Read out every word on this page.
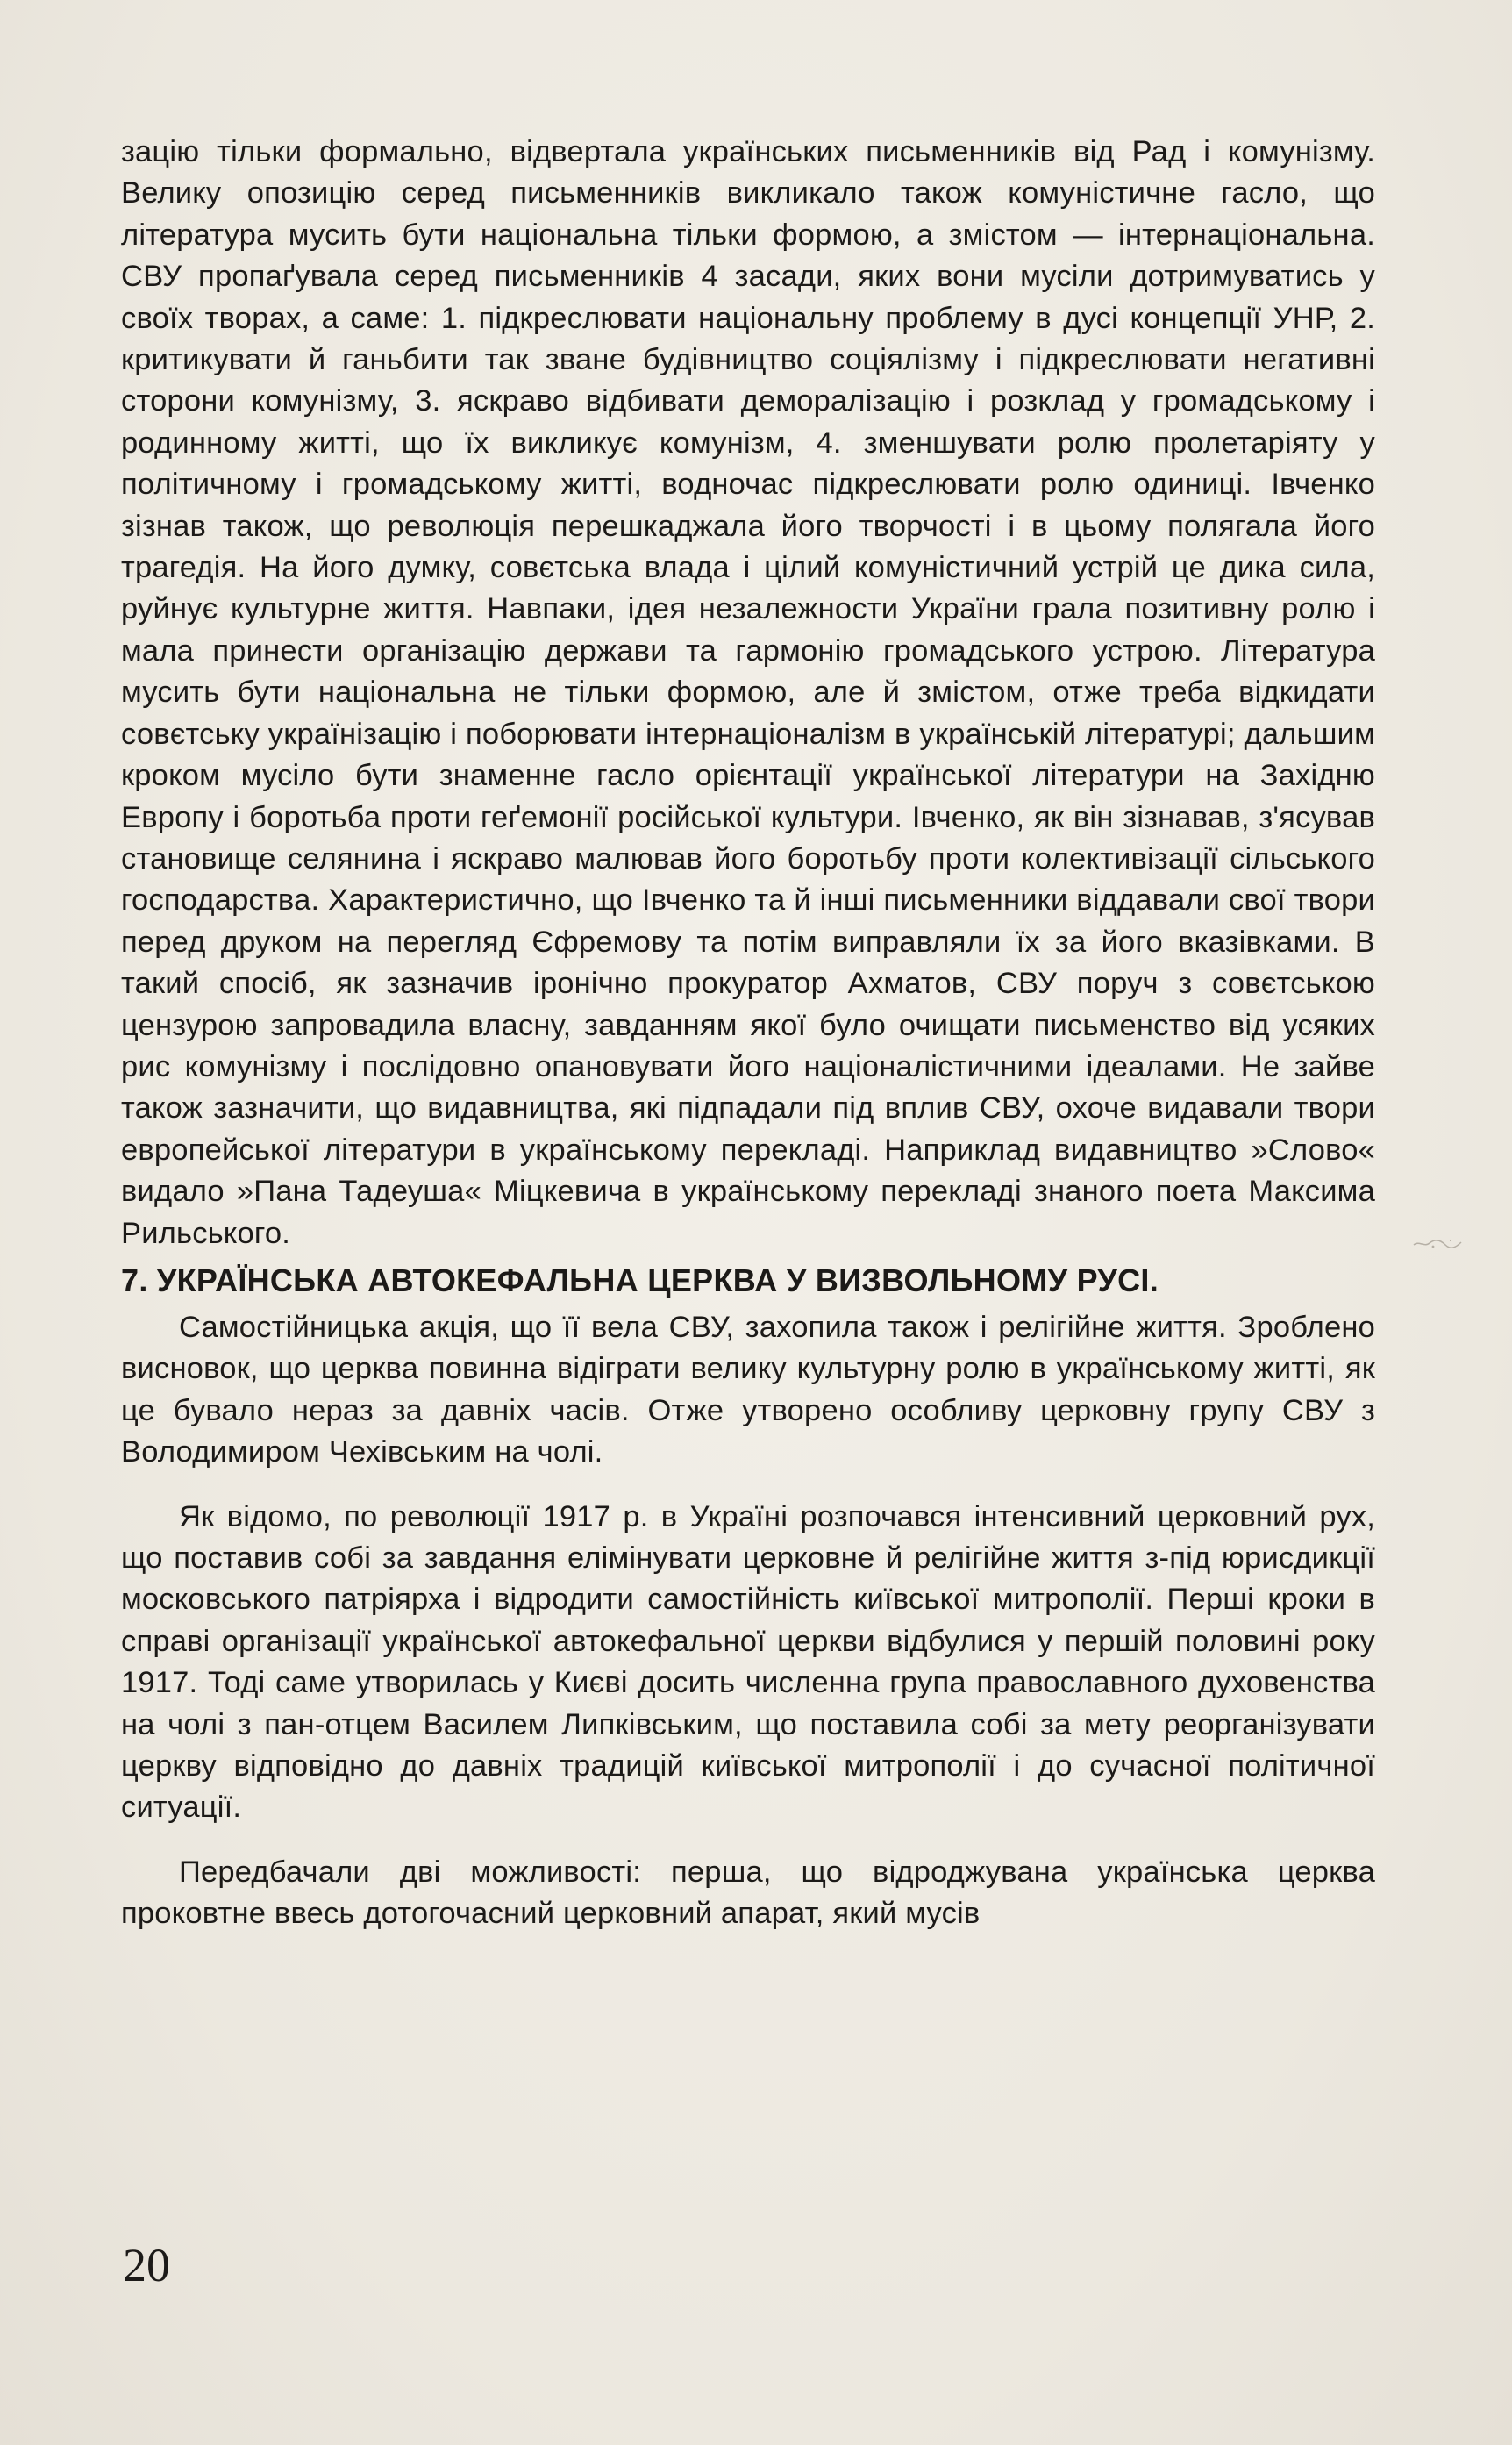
зацію тільки формально, відвертала українських письменників від Рад і комунізму. Велику опозицію серед письменників викликало також комуністичне гасло, що література мусить бути національна тільки формою, а змістом — інтернаціональна. СВУ пропаґувала серед письменників 4 засади, яких вони мусіли дотримуватись у своїх творах, а саме: 1. підкреслювати національну проблему в дусі концепції УНР, 2. критикувати й ганьбити так зване будівництво соціялізму і підкреслювати негативні сторони комунізму, 3. яскраво відбивати деморалізацію і розклад у громадському і родинному житті, що їх викликує комунізм, 4. зменшувати ролю пролетаріяту у політичному і громадському житті, водночас підкреслювати ролю одиниці. Івченко зізнав також, що революція перешкаджала його творчості і в цьому полягала його трагедія. На його думку, совєтська влада і цілий комуністичний устрій це дика сила, руйнує культурне життя. Навпаки, ідея незалежности України грала позитивну ролю і мала принести організацію держави та гармонію громадського устрою. Література мусить бути національна не тільки формою, але й змістом, отже треба відкидати совєтську українізацію і поборювати інтернаціоналізм в українській літературі; дальшим кроком мусіло бути знаменне гасло орієнтації української літератури на Західню Европу і боротьба проти геґемонії російської культури. Івченко, як він зізнавав, з'ясував становище селянина і яскраво малював його боротьбу проти колективізації сільського господарства. Характеристично, що Івченко та й інші письменники віддавали свої твори перед друком на перегляд Єфремову та потім виправляли їх за його вказівками. В такий спосіб, як зазначив іронічно прокуратор Ахматов, СВУ поруч з совєтською цензурою запровадила власну, завданням якої було очищати письменство від усяких рис комунізму і послідовно опановувати його націоналістичними ідеалами. Не зайве також зазначити, що видавництва, які підпадали під вплив СВУ, охоче видавали твори европейської літератури в українському перекладі. Наприклад видавництво »Слово« видало »Пана Тадеуша« Міцкевича в українському перекладі знаного поета Максима Рильського.

7. УКРАЇНСЬКА АВТОКЕФАЛЬНА ЦЕРКВА У ВИЗВОЛЬНОМУ РУСІ.

Самостійницька акція, що її вела СВУ, захопила також і релігійне життя. Зроблено висновок, що церква повинна відіграти велику культурну ролю в українському житті, як це бувало нераз за давніх часів. Отже утворено особливу церковну групу СВУ з Володимиром Чехівським на чолі.

Як відомо, по революції 1917 р. в Україні розпочався інтенсивний церковний рух, що поставив собі за завдання елімінувати церковне й релігійне життя з-під юрисдикції московського патріярха і відродити самостійність київської митрополії. Перші кроки в справі організації української автокефальної церкви відбулися у першій половині року 1917. Тоді саме утворилась у Києві досить численна група православного духовенства на чолі з пан-отцем Василем Липківським, що поставила собі за мету реорганізувати церкву відповідно до давніх традицій київської митрополії і до сучасної політичної ситуації.

Передбачали дві можливості: перша, що відроджувана українська церква проковтне ввесь дотогочасний церковний апарат, який мусів

20
